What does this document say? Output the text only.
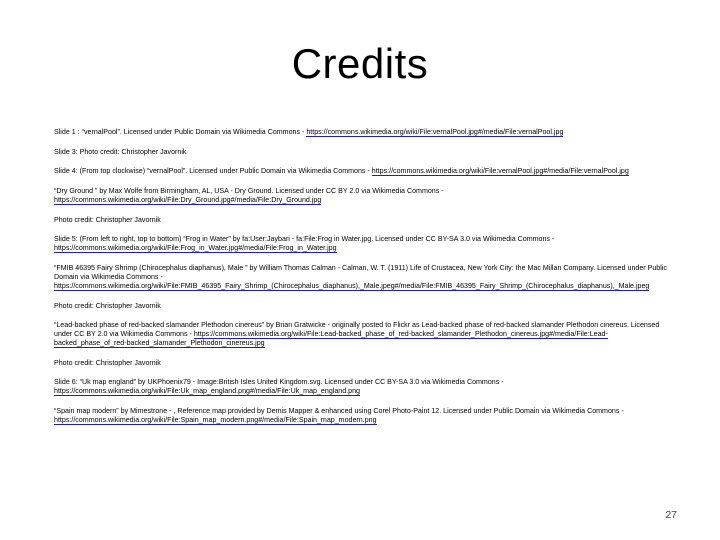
Credits
Slide 1 : “vernalPool”. Licensed under Public Domain via Wikimedia Commons - https://commons.wikimedia.org/wiki/File:vernalPool.jpg#/media/File:vernalPool.jpg
Slide 3: Photo credit: Christopher Javornik
Slide 4: (From top clockwise) “vernalPool”. Licensed under Public Domain via Wikimedia Commons - https://commons.wikimedia.org/wiki/File:vernalPool.jpg#/media/File:vernalPool.jpg
“Dry Ground ” by Max Wolfe from Birmingham, AL, USA - Dry Ground. Licensed under CC BY 2.0 via Wikimedia Commons - https://commons.wikimedia.org/wiki/File:Dry_Ground.jpg#/media/File:Dry_Ground.jpg
Photo credit: Christopher Javornik
Slide 5: (From left to right, top to bottom) “Frog in Water” by fa:User:Jaybari - fa:File:Frog in Water.jpg. Licensed under CC BY-SA 3.0 via Wikimedia Commons - https://commons.wikimedia.org/wiki/File:Frog_in_Water.jpg#/media/File:Frog_in_Water.jpg
“FMIB 46395 Fairy Shrimp (Chirocephalus diaphanus), Male ” by William Thomas Calman - Calman, W. T. (1911) Life of Crustacea, New York City: the Mac Millan Company. Licensed under Public Domain via Wikimedia Commons - https://commons.wikimedia.org/wiki/File:FMIB_46395_Fairy_Shrimp_(Chirocephalus_diaphanus),_Male.jpeg#/media/File:FMIB_46395_Fairy_Shrimp_(Chirocephalus_diaphanus),_Male.jpeg
Photo credit: Christopher Javornik
“Lead-backed phase of red-backed slamander Plethodon cinereus” by Brian Gratwicke - originally posted to Flickr as Lead-backed phase of red-backed slamander Plethodon cinereus. Licensed under CC BY 2.0 via Wikimedia Commons - https://commons.wikimedia.org/wiki/File:Lead-backed_phase_of_red-backed_slamander_Plethodon_cinereus.jpg#/media/File:Lead-backed_phase_of_red-backed_slamander_Plethodon_cinereus.jpg
Photo credit: Christopher Javornik
Slide 6: “Uk map england” by UKPhoenix79 - Image:British Isles United Kingdom.svg. Licensed under CC BY-SA 3.0 via Wikimedia Commons - https://commons.wikimedia.org/wiki/File:Uk_map_england.png#/media/File:Uk_map_england.png
“Spain map modern” by Mimestrone - , Reference map provided by Demis Mapper & enhanced using Corel Photo-Paint 12. Licensed under Public Domain via Wikimedia Commons - https://commons.wikimedia.org/wiki/File:Spain_map_modern.png#/media/File:Spain_map_modern.png
27
